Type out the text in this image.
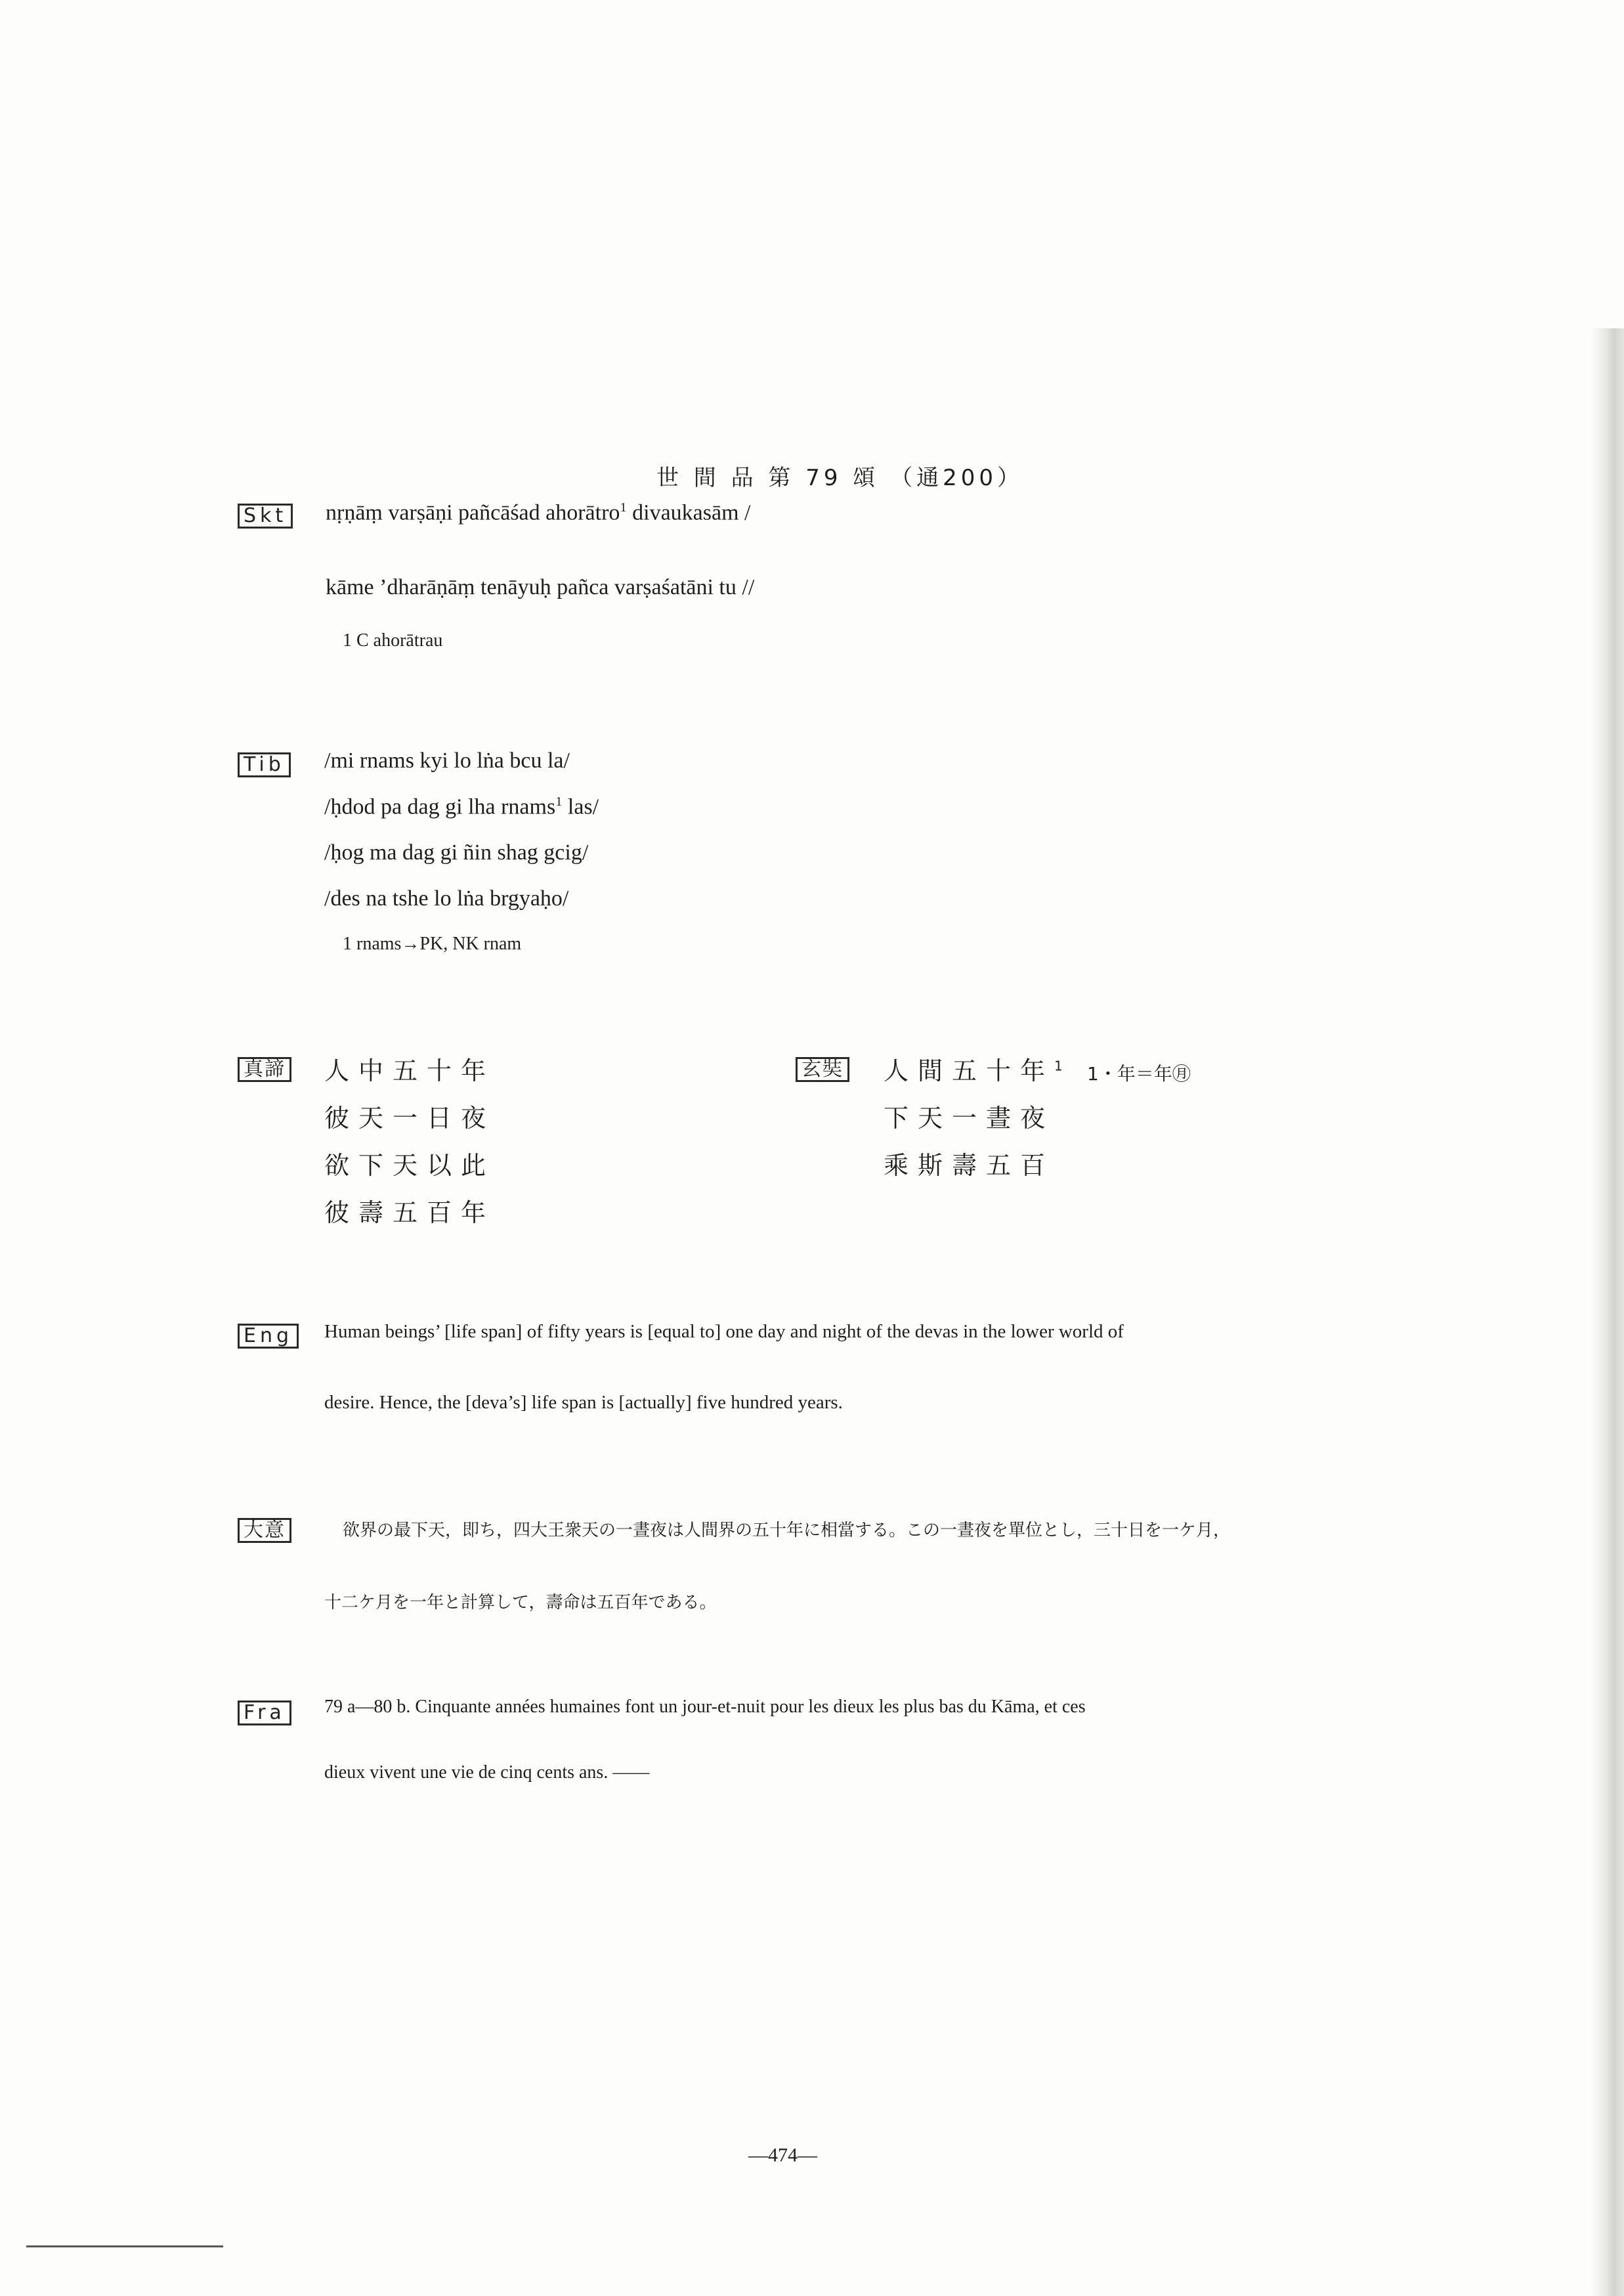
世 間 品 第 79 頌 （通200）
Skt nṛṇāṃ varṣāṇi pañcāśad ahorātro$^1$ divaukasām /
kāme ’dharāṇāṃ tenāyuḥ pañca varṣaśatāni tu //
1 C ahorātrau
Tib /mi rnams kyi lo lṅa bcu la/
/ḥdod pa dag gi lha rnams$^1$ las/
/ḥog ma dag gi ñin shag gcig/
/des na tshe lo lṅa brgyaḥo/
1 rnams→PK, NK rnam
真諦 人中五十年
彼天一日夜
欲下天以此
彼壽五百年
玄奘 人間五十年$^1$ 1・年＝年㊊
下天一晝夜
乘斯壽五百
Eng	Human beings’ [life span] of fifty years is [equal to] one day and night of the devas in the lower world of
desire. Hence, the [deva’s] life span is [actually] five hundred years.
大意	欲界の最下天，即ち，四大王衆天の一晝夜は人間界の五十年に相當する。この一晝夜を單位とし，三十日を一ケ月，
十二ケ月を一年と計算して，壽命は五百年である。
Fra	79 a—80 b. Cinquante années humaines font un jour-et-nuit pour les dieux les plus bas du Kāma, et ces
dieux vivent une vie de cinq cents ans. ——
—474—
